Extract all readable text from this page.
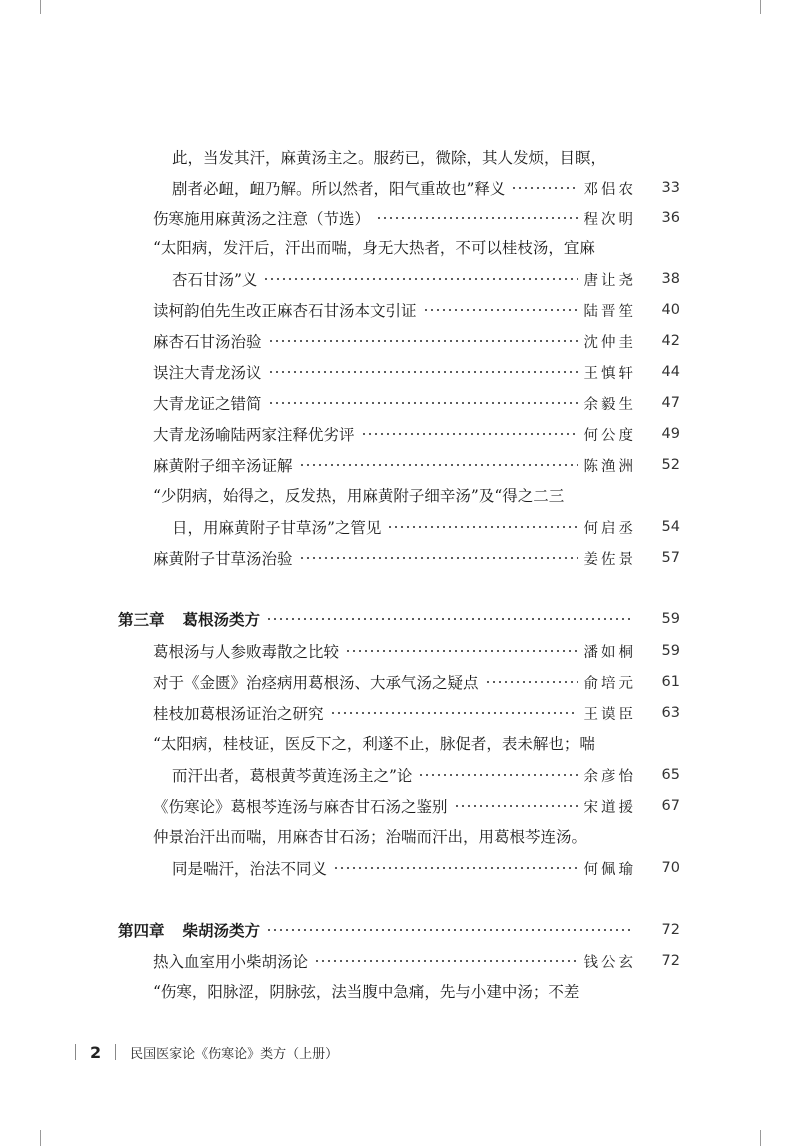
此，当发其汗，麻黄汤主之。服药已，微除，其人发烦，目瞑，
剧者必衄，衄乃解。所以然者，阳气重故也”释义	邓侣农	33
伤寒施用麻黄汤之注意（节选）	程次明	36
“太阳病，发汗后，汗出而喘，身无大热者，不可以桂枝汤，宜麻
杏石甘汤”义	唐让尧	38
读柯韵伯先生改正麻杏石甘汤本文引证	陆晋笙	40
麻杏石甘汤治验	沈仲圭	42
误注大青龙汤议	王慎轩	44
大青龙证之错简	余毅生	47
大青龙汤喻陆两家注释优劣评	何公度	49
麻黄附子细辛汤证解	陈渔洲	52
“少阴病，始得之，反发热，用麻黄附子细辛汤”及“得之二三
日，用麻黄附子甘草汤”之管见	何启丞	54
麻黄附子甘草汤治验	姜佐景	57
第三章 葛根汤类方	59
葛根汤与人参败毒散之比较	潘如桐	59
对于《金匮》治痉病用葛根汤、大承气汤之疑点	俞培元	61
桂枝加葛根汤证治之研究	王谟臣	63
“太阳病，桂枝证，医反下之，利遂不止，脉促者，表未解也；喘
而汗出者，葛根黄芩黄连汤主之”论	余彦怡	65
《伤寒论》葛根芩连汤与麻杏甘石汤之鉴别	宋道援	67
仲景治汗出而喘，用麻杏甘石汤；治喘而汗出，用葛根芩连汤。
同是喘汗，治法不同义	何佩瑜	70
第四章 柴胡汤类方	72
热入血室用小柴胡汤论	钱公玄	72
“伤寒，阳脉涩，阴脉弦，法当腹中急痛，先与小建中汤；不差
2 民国医家论《伤寒论》类方（上册）
